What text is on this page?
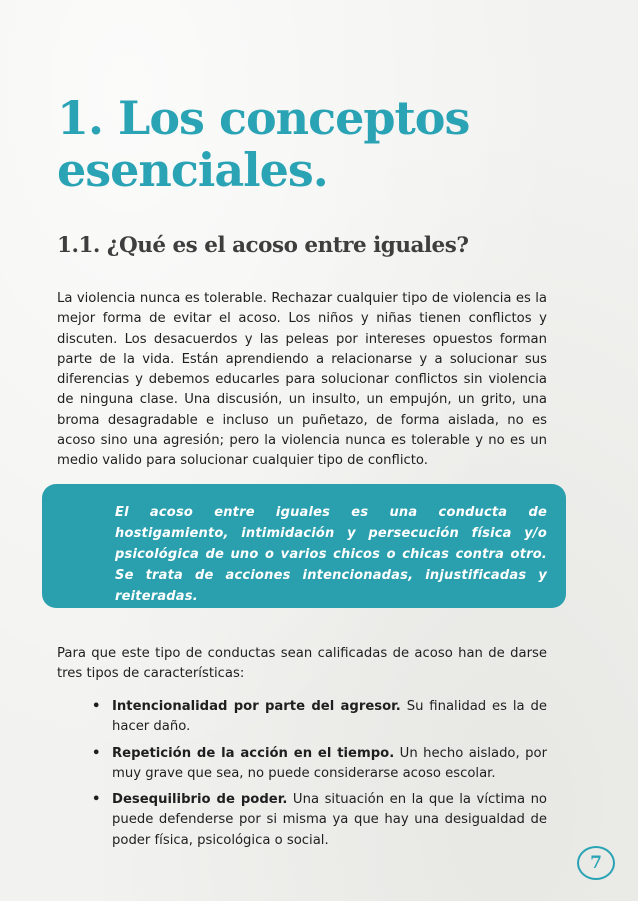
1. Los conceptos
esenciales.
1.1. ¿Qué es el acoso entre iguales?

La violencia nunca es tolerable. Rechazar cualquier tipo de violencia es la mejor forma de evitar el acoso. Los niños y niñas tienen conflictos y discuten. Los desacuerdos y las peleas por intereses opuestos forman parte de la vida. Están aprendiendo a relacionarse y a solucionar sus diferencias y debemos educarles para solucionar conflictos sin violencia de ninguna clase. Una discusión, un insulto, un empujón, un grito, una broma desagradable e incluso un puñetazo, de forma aislada, no es acoso sino una agresión; pero la violencia nunca es tolerable y no es un medio valido para solucionar cualquier tipo de conflicto.

El acoso entre iguales es una conducta de hostigamiento, intimidación y persecución física y/o psicológica de uno o varios chicos o chicas contra otro. Se trata de acciones intencionadas, injustificadas y reiteradas.

Para que este tipo de conductas sean calificadas de acoso han de darse tres tipos de características:

• Intencionalidad por parte del agresor. Su finalidad es la de hacer daño.
• Repetición de la acción en el tiempo. Un hecho aislado, por muy grave que sea, no puede considerarse acoso escolar.
• Desequilibrio de poder. Una situación en la que la víctima no puede defenderse por si misma ya que hay una desigualdad de poder física, psicológica o social.
7
